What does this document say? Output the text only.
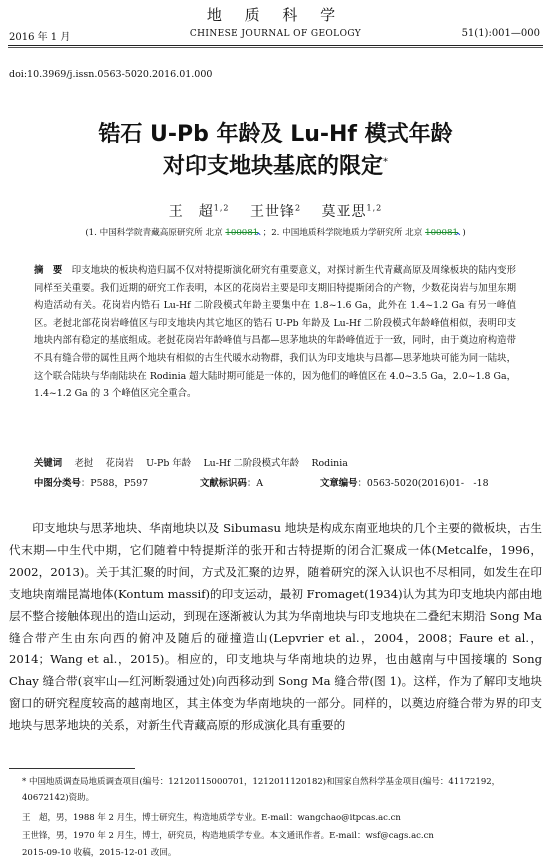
地 质 科 学
2016 年 1 月	CHINESE JOURNAL OF GEOLOGY	51(1):001—000
doi:10.3969/j.issn.0563-5020.2016.01.000
锆石 U-Pb 年龄及 Lu-Hf 模式年龄
对印支地块基底的限定*
王　超$^{1,2}$  王世锋$^2$  莫亚思$^{1,2}$
(1. 中国科学院青藏高原研究所 北京 100081⌃；2. 中国地质科学院地质力学研究所 北京 100081⌃)
摘　要  印支地块的板块构造归属不仅对特提斯演化研究有重要意义，对探讨新生代青藏高原及周缘板块的陆内变形同样至关重要。我们近期的研究工作表明，本区的花岗岩主要是印支期旧特提斯闭合的产物，少数花岗岩与加里东期构造活动有关。花岗岩内锆石 Lu-Hf 二阶段模式年龄主要集中在 1.8~1.6 Ga，此外在 1.4~1.2 Ga 有另一峰值区。老挝北部花岗岩峰值区与印支地块内其它地区的锆石 U-Pb 年龄及 Lu-Hf 二阶段模式年龄峰值相似，表明印支地块内部有稳定的基底组成。老挝花岗岩年龄峰值与昌都—思茅地块的年龄峰值近于一致，同时，由于奠边府构造带不具有缝合带的属性且两个地块有相似的古生代暖水动物群，我们认为印支地块与昌都—思茅地块可能为同一陆块，这个联合陆块与华南陆块在 Rodinia 超大陆时期可能是一体的，因为他们的峰值区在 4.0~3.5 Ga，2.0~1.8 Ga，1.4~1.2 Ga 的 3 个峰值区完全重合。
关键词  老挝  花岗岩  U-Pb 年龄  Lu-Hf 二阶段模式年龄  Rodinia
中图分类号：P588，P597	文献标识码：A	文章编号：0563-5020(2016)01-　-18
印支地块与思茅地块、华南地块以及 Sibumasu 地块是构成东南亚地块的几个主要的微板块，古生代末期—中生代中期，它们随着中特提斯洋的张开和古特提斯的闭合汇聚成一体(Metcalfe，1996，2002，2013)。关于其汇聚的时间，方式及汇聚的边界，随着研究的深入认识也不尽相同，如发生在印支地块南端昆嵩地体(Kontum massif)的印支运动，最初 Fromaget(1934)认为其为印支地块内部由地层不整合接触体现出的造山运动，到现在逐渐被认为其为华南地块与印支地块在二叠纪末期沿 Song Ma 缝合带产生由东向西的俯冲及随后的碰撞造山(Lepvrier et al.，2004，2008；Faure et al.，2014；Wang et al.，2015)。相应的，印支地块与华南地块的边界，也由越南与中国接壤的 Song Chay 缝合带(哀牢山—红河断裂通过处)向西移动到 Song Ma 缝合带(图 1)。这样，作为了解印支地块窗口的研究程度较高的越南地区，其主体变为华南地块的一部分。同样的，以奠边府缝合带为界的印支地块与思茅地块的关系，对新生代青藏高原的形成演化具有重要的
* 中国地质调查局地质调查项目(编号：12120115000701，1212011120182)和国家自然科学基金项目(编号：41172192，40672142)资助。
王　超，男，1988 年 2 月生，博士研究生，构造地质学专业。E-mail：wangchao@itpcas.ac.cn
王世锋，男，1970 年 2 月生，博士，研究员，构造地质学专业。本文通讯作者。E-mail：wsf@cags.ac.cn
2015-09-10 收稿，2015-12-01 改回。
